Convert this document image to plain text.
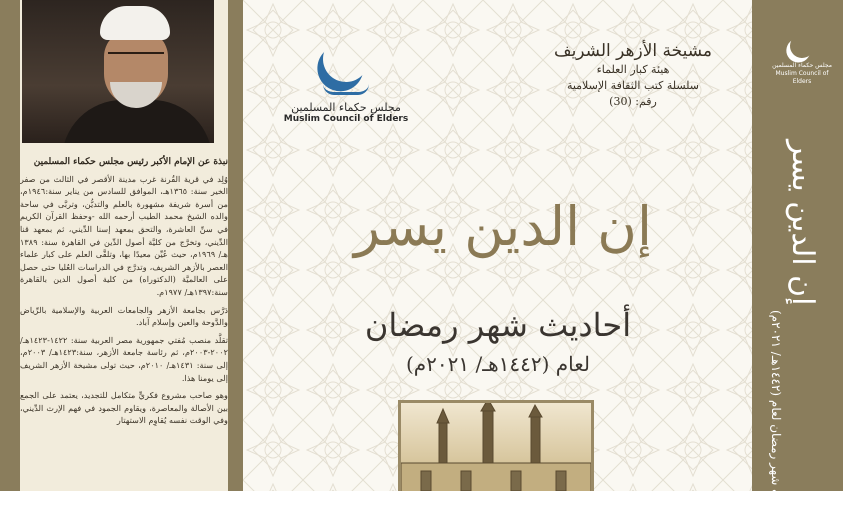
نبذة عن الإمام الأكبر رئيس مجلس حكماء المسلمين

وُلِد في قرية القُرنة غرب مدينة الأقصر في الثالث من صفر الخير سنة: ١٣٦٥هـ، الموافق للسادس من يناير سنة:١٩٤٦م، من أسرة شريفة مشهورة بالعلم والتديُّن، وتربَّى في ساحة والده الشيخ محمد الطيب أرحمه الله -وحفظ القرآن الكريم في سنِّ العاشرة، والتحق بمعهد إسنا الدِّيني، ثم بمعهد قنا الدِّيني، وتخرَّج من كليَّة أصول الدِّين في القاهرة سنة: ١٣٨٩ هـ/ ١٩٦٩م، حيث عُيِّن معيدًا بها، وتلقَّى العلم على كبار علماء العصر بالأزهر الشريف، وتدرَّج في الدراسات العُليا حتى حصل على العالميَّة (الدكتوراه) من كلية أصول الدين بالقاهرة سنة:١٣٩٧هـ/ ١٩٧٧م.

دَرَّس بجامعة الأزهر والجامعات العربية والإسلامية بالرِّياض والدَّوحة والعين وإسلام آباد.

تقلَّد منصب مُفتي جمهورية مصر العربية سنة: ١٤٢٢-١٤٢٣هـ/ ٢٠٠٢-٢٠٠٣م، ثم رئاسة جامعة الأزهر، سنة:١٤٢٣هـ/ ٢٠٠٣م، إلى سنة: ١٤٣١هـ/ ٢٠١٠م، حيث تولى مشيخة الأزهر الشريف إلى يومنا هذا.

وهو صاحب مشروع فكريٍّ متكامل للتجديد، يعتمد على الجمع بين الأصالة والمعاصرة، ويقاوم الجمود في فهم الإرث الدِّيني، وفي الوقت نفسه يُقاوِم الاستهتار

مجلس حكماء المسلمين
Muslim Council of Elders
مشيخة الأزهر الشريف
هيئة كبار العلماء
سلسلة كتب الثقافة الإسلامية
رقم: (30)
إن الدين يسر
أحاديث شهر رمضان
لعام (١٤٤٢هـ/ ٢٠٢١م)
مجلس حكماء المسلمين
Muslim Council of Elders
إن الدين يسر
أحاديث شهر رمضان لعام (١٤٤٢هـ/ ٢٠٢١م)
